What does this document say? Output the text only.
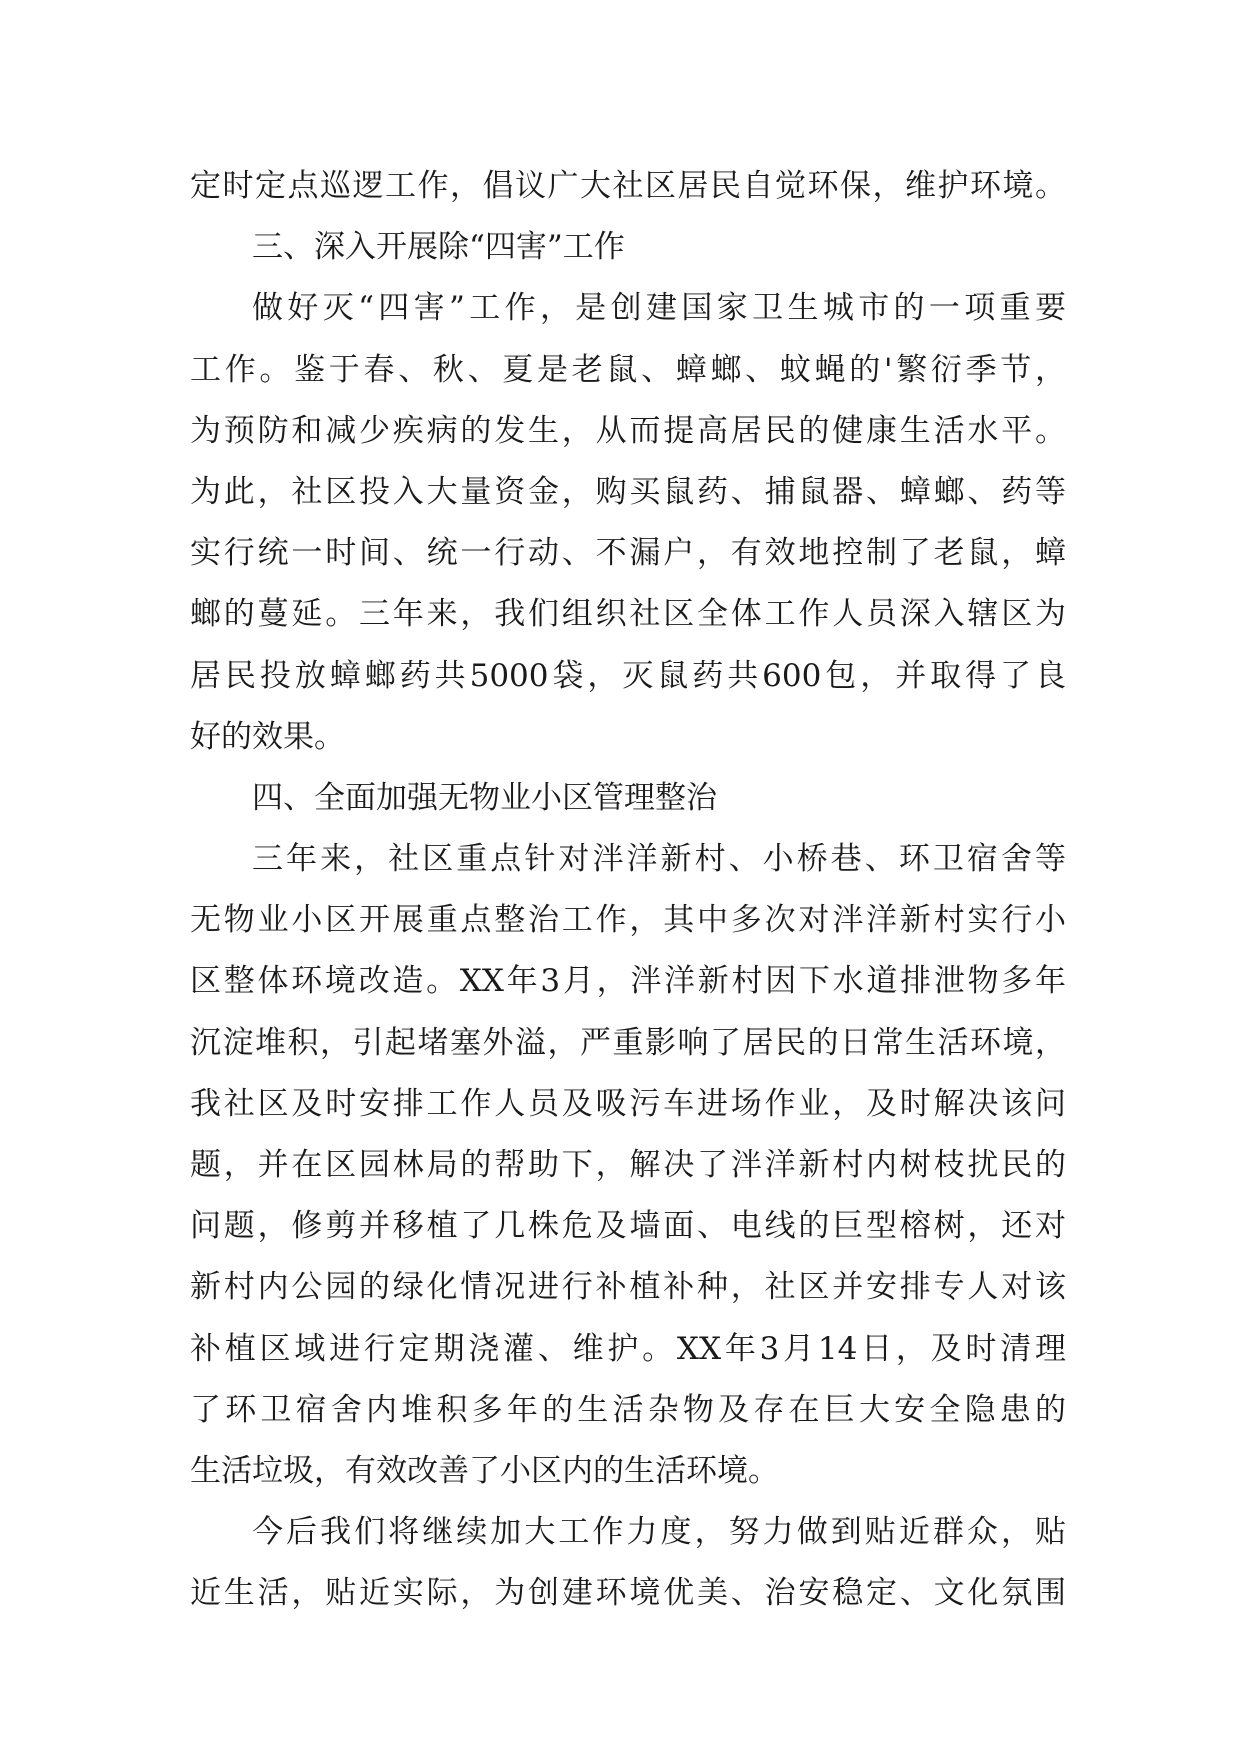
定时定点巡逻工作，倡议广大社区居民自觉环保，维护环境。
三、深入开展除“四害”工作
做好灭“四害”工作，是创建国家卫生城市的一项重要
工作。鉴于春、秋、夏是老鼠、蟑螂、蚊蝇的'繁衍季节，
为预防和减少疾病的发生，从而提高居民的健康生活水平。
为此，社区投入大量资金，购买鼠药、捕鼠器、蟑螂、药等
实行统一时间、统一行动、不漏户，有效地控制了老鼠，蟑
螂的蔓延。三年来，我们组织社区全体工作人员深入辖区为
居民投放蟑螂药共5000袋，灭鼠药共600包，并取得了良
好的效果。
四、全面加强无物业小区管理整治
三年来，社区重点针对泮洋新村、小桥巷、环卫宿舍等
无物业小区开展重点整治工作，其中多次对泮洋新村实行小
区整体环境改造。XX年3月，泮洋新村因下水道排泄物多年
沉淀堆积，引起堵塞外溢，严重影响了居民的日常生活环境，
我社区及时安排工作人员及吸污车进场作业，及时解决该问
题，并在区园林局的帮助下，解决了泮洋新村内树枝扰民的
问题，修剪并移植了几株危及墙面、电线的巨型榕树，还对
新村内公园的绿化情况进行补植补种，社区并安排专人对该
补植区域进行定期浇灌、维护。XX年3月14日，及时清理
了环卫宿舍内堆积多年的生活杂物及存在巨大安全隐患的
生活垃圾，有效改善了小区内的生活环境。
今后我们将继续加大工作力度，努力做到贴近群众，贴
近生活，贴近实际，为创建环境优美、治安稳定、文化氛围
